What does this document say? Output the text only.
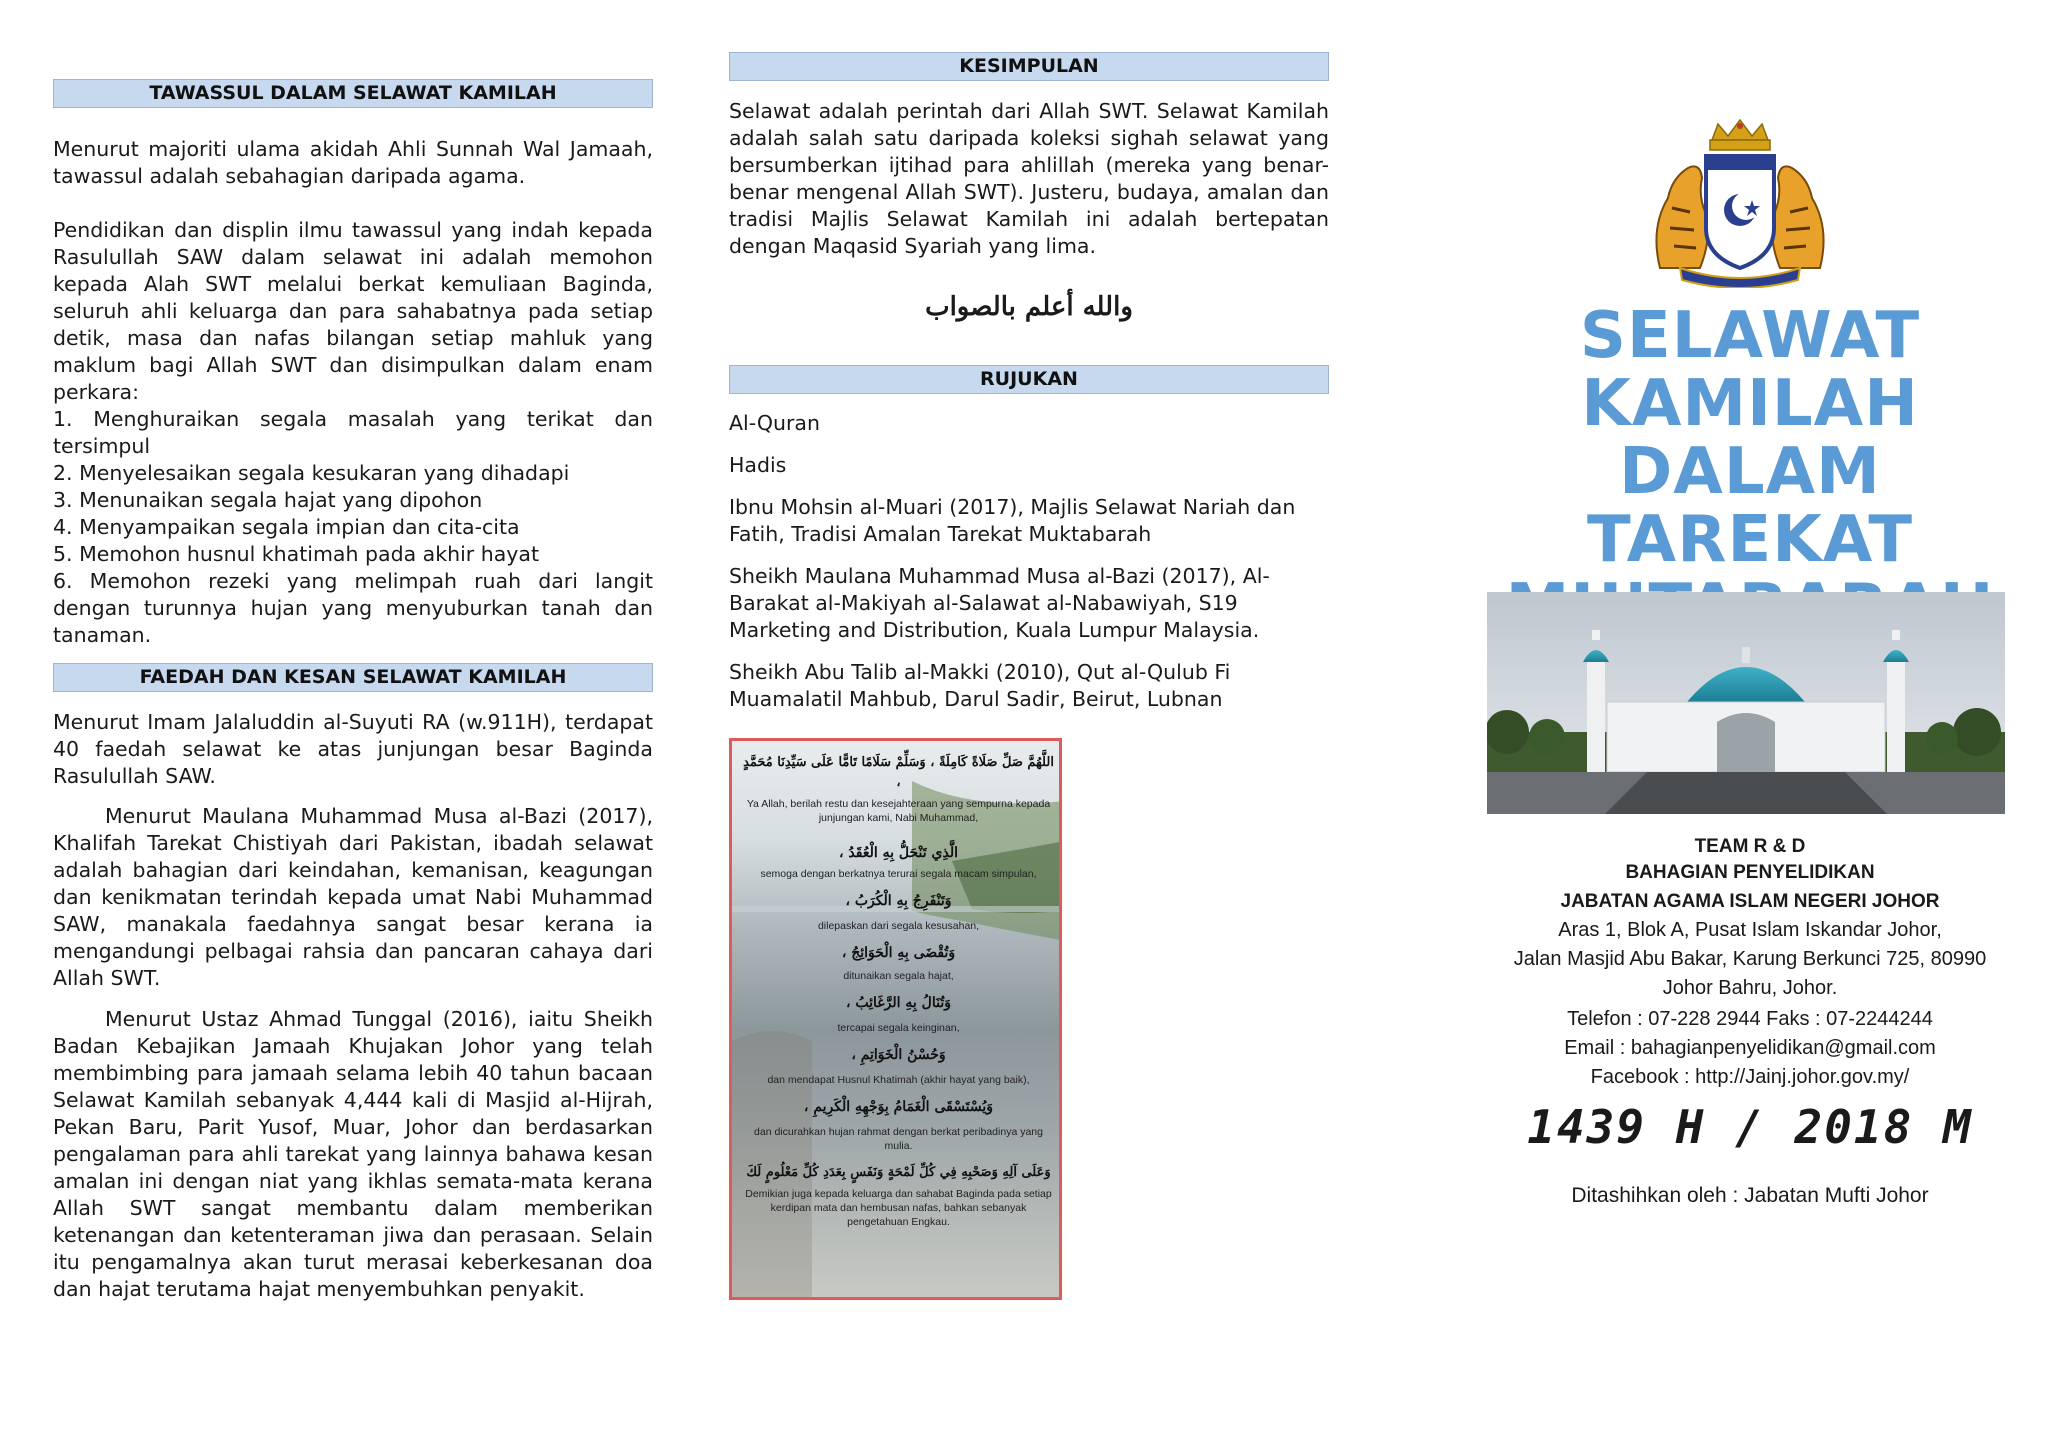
TAWASSUL DALAM SELAWAT KAMILAH

Menurut majoriti ulama akidah Ahli Sunnah Wal Jamaah, tawassul adalah sebahagian daripada agama.

Pendidikan dan displin ilmu tawassul yang indah kepada Rasulullah SAW dalam selawat ini adalah memohon kepada Alah SWT melalui berkat kemuliaan Baginda, seluruh ahli keluarga dan para sahabatnya pada setiap detik, masa dan nafas bilangan setiap mahluk yang maklum bagi Allah SWT dan disimpulkan dalam enam perkara:

1. Menghuraikan segala masalah yang terikat dan tersimpul

2. Menyelesaikan segala kesukaran yang dihadapi

3. Menunaikan segala hajat yang dipohon

4. Menyampaikan segala impian dan cita-cita

5. Memohon husnul khatimah pada akhir hayat

6. Memohon rezeki yang melimpah ruah dari langit dengan turunnya hujan yang menyuburkan tanah dan tanaman.

FAEDAH DAN KESAN SELAWAT KAMILAH

Menurut Imam Jalaluddin al-Suyuti RA (w.911H), terdapat 40 faedah selawat ke atas junjungan besar Baginda Rasulullah SAW.

Menurut Maulana Muhammad Musa al-Bazi (2017), Khalifah Tarekat Chistiyah dari Pakistan, ibadah selawat adalah bahagian dari keindahan, kemanisan, keagungan dan kenikmatan terindah kepada umat Nabi Muhammad SAW, manakala faedahnya sangat besar kerana ia mengandungi pelbagai rahsia dan pancaran cahaya dari Allah SWT.

Menurut Ustaz Ahmad Tunggal (2016), iaitu Sheikh Badan Kebajikan Jamaah Khujakan Johor yang telah membimbing para jamaah selama lebih 40 tahun bacaan Selawat Kamilah sebanyak 4,444 kali di Masjid al-Hijrah, Pekan Baru, Parit Yusof, Muar, Johor dan berdasarkan pengalaman para ahli tarekat yang lainnya bahawa kesan amalan ini dengan niat yang ikhlas semata-mata kerana Allah SWT sangat membantu dalam memberikan ketenangan dan ketenteraman jiwa dan perasaan. Selain itu pengamalnya akan turut merasai keberkesanan doa dan hajat terutama hajat menyembuhkan penyakit.

KESIMPULAN

Selawat adalah perintah dari Allah SWT. Selawat Kamilah adalah salah satu daripada koleksi sighah selawat yang bersumberkan ijtihad para ahlillah (mereka yang benar-benar mengenal Allah SWT). Justeru, budaya, amalan dan tradisi Majlis Selawat Kamilah ini adalah bertepatan dengan Maqasid Syariah yang lima.

والله أعلم بالصواب

RUJUKAN

Al-Quran

Hadis

Ibnu Mohsin al-Muari (2017), Majlis Selawat Nariah dan Fatih, Tradisi Amalan Tarekat Muktabarah

Sheikh Maulana Muhammad Musa al-Bazi (2017), Al-Barakat al-Makiyah al-Salawat al-Nabawiyah, S19 Marketing and Distribution, Kuala Lumpur Malaysia.

Sheikh Abu Talib al-Makki (2010), Qut al-Qulub Fi Muamalatil Mahbub, Darul Sadir, Beirut, Lubnan

اللَّهُمَّ صَلِّ صَلَاةً كَامِلَةً ، وَسَلِّمْ سَلَامًا تَامًّا عَلَى سَيِّدِنَا مُحَمَّدٍ ،

Ya Allah, berilah restu dan kesejahteraan yang sempurna kepada junjungan kami, Nabi Muhammad,

الَّذِي تَنْحَلُّ بِهِ الْعُقَدُ ،

semoga dengan berkatnya terurai segala macam simpulan,

وَتَنْفَرِجُ بِهِ الْكُرَبُ ،

dilepaskan dari segala kesusahan,

وَتُقْضَى بِهِ الْحَوَائِجُ ،

ditunaikan segala hajat,

وَتُنَالُ بِهِ الرَّغَائِبُ ،

tercapai segala keinginan,

وَحُسْنُ الْخَوَاتِمِ ،

dan mendapat Husnul Khatimah (akhir hayat yang baik),

وَيُسْتَسْقَى الْغَمَامُ بِوَجْهِهِ الْكَرِيمِ ،

dan dicurahkan hujan rahmat dengan berkat peribadinya yang mulia.

وَعَلَى آلِهِ وَصَحْبِهِ فِي كُلِّ لَمْحَةٍ وَنَفَسٍ بِعَدَدِ كُلِّ مَعْلُومٍ لَكَ

Demikian juga kepada keluarga dan sahabat Baginda pada setiap kerdipan mata dan hembusan nafas, bahkan sebanyak pengetahuan Engkau.

SELAWAT

KAMILAH

DALAM TAREKAT

TEAM R & D

BAHAGIAN PENYELIDIKAN

JABATAN AGAMA ISLAM NEGERI JOHOR

Aras 1, Blok A, Pusat Islam Iskandar Johor,

Jalan Masjid Abu Bakar, Karung Berkunci 725, 80990

Johor Bahru, Johor.

Telefon : 07-228 2944 Faks : 07-2244244

Email : bahagianpenyelidikan@gmail.com

Facebook : http://Jainj.johor.gov.my/

1439 H / 2018 M

Ditashihkan oleh : Jabatan Mufti Johor
